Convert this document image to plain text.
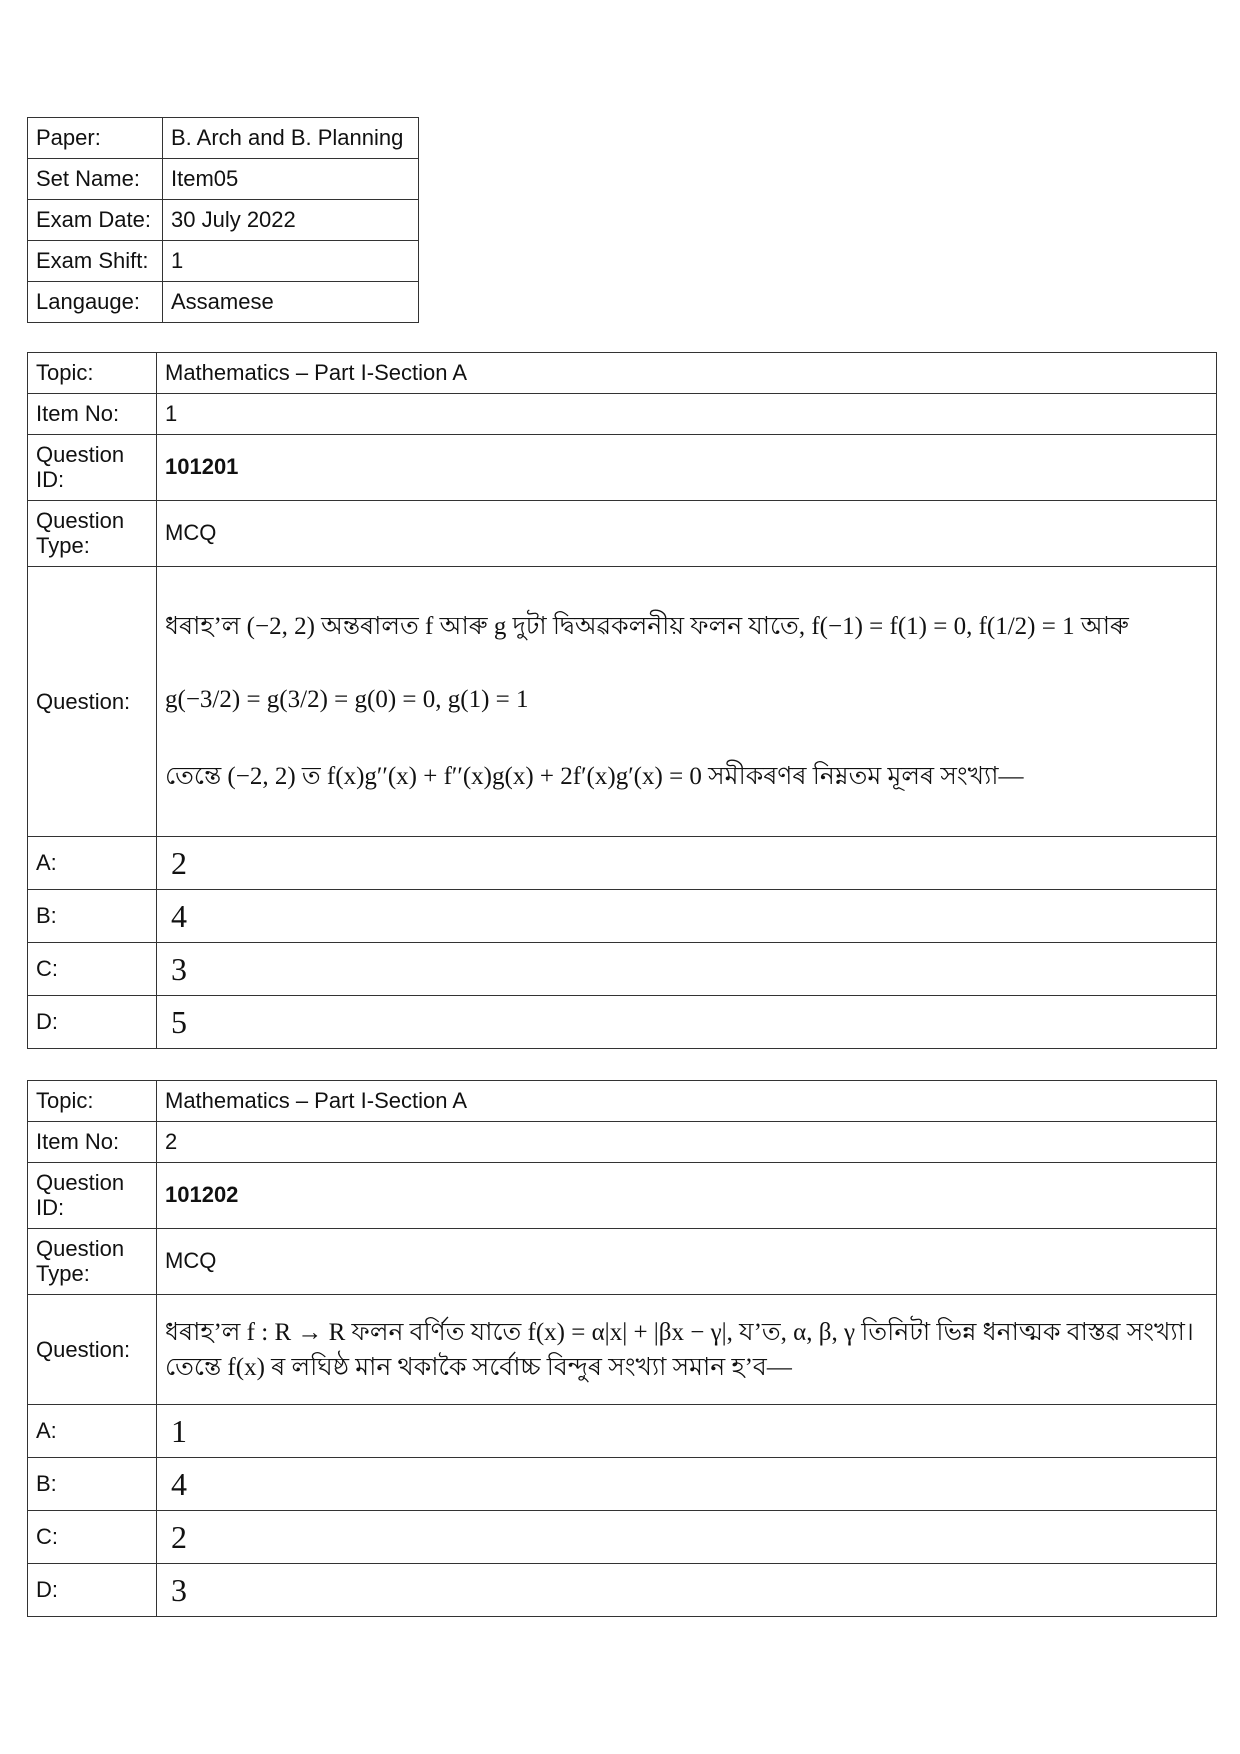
Paper:	B. Arch and B. Planning
Set Name:	Item05
Exam Date:	30 July 2022
Exam Shift:	1
Langauge:	Assamese
Topic:	Mathematics – Part I-Section A
Item No:	1
Question ID:	101201
Question Type:	MCQ
Question:	ধৰাহ’ল (−2, 2) অন্তৰালত f আৰু g দুটা দ্বিঅৱকলনীয় ফলন যাতে, f(−1) = f(1) = 0, f(1/2) = 1 আৰু

g(−3/2) = g(3/2) = g(0) = 0, g(1) = 1

তেন্তে (−2, 2) ত f(x)g′′(x) + f′′(x)g(x) + 2f′(x)g′(x) = 0 সমীকৰণৰ নিম্নতম মূলৰ সংখ্যা—

A:	2
B:	4
C:	3
D:	5
Topic:	Mathematics – Part I-Section A
Item No:	2
Question ID:	101202
Question Type:	MCQ
Question:	ধৰাহ’ল f : R → R ফলন বৰ্ণিত যাতে f(x) = α|x| + |βx − γ|, য’ত, α, β, γ তিনিটা ভিন্ন ধনাত্মক বাস্তৱ সংখ্যা।

তেন্তে f(x) ৰ লঘিষ্ঠ মান থকাকৈ সৰ্বোচ্চ বিন্দুৰ সংখ্যা সমান হ’ব—

A:	1
B:	4
C:	2
D:	3
